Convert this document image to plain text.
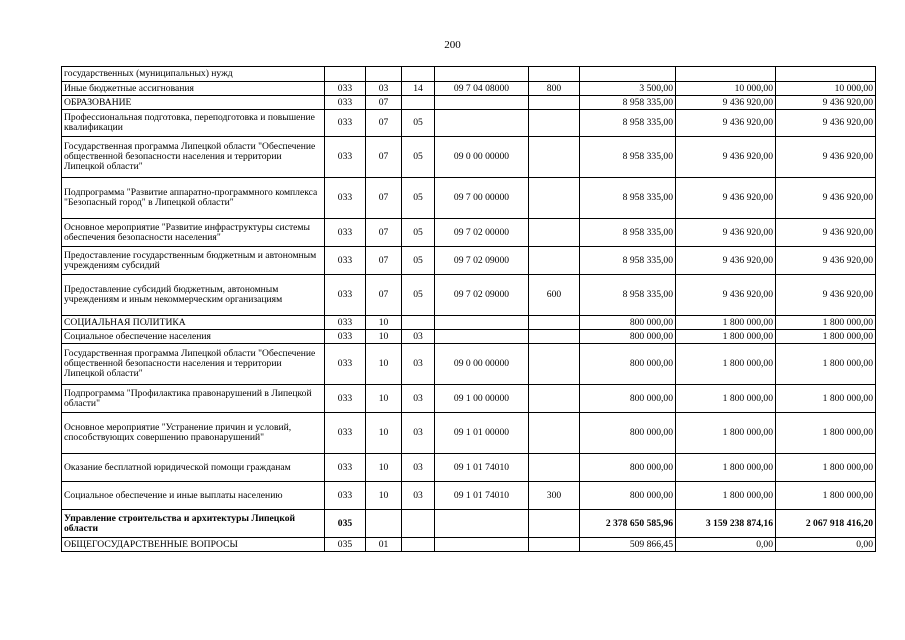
200
государственных (муниципальных) нужд								
Иные бюджетные ассигнования	033	03	14	09 7 04 08000	800	3 500,00	10 000,00	10 000,00
ОБРАЗОВАНИЕ	033	07				8 958 335,00	9 436 920,00	9 436 920,00
Профессиональная подготовка, переподготовка и повышение квалификации	033	07	05			8 958 335,00	9 436 920,00	9 436 920,00
Государственная программа Липецкой области "Обеспечение общественной безопасности населения и территории Липецкой области"	033	07	05	09 0 00 00000		8 958 335,00	9 436 920,00	9 436 920,00
Подпрограмма "Развитие аппаратно-программного комплекса "Безопасный город" в Липецкой области"	033	07	05	09 7 00 00000		8 958 335,00	9 436 920,00	9 436 920,00
Основное мероприятие "Развитие инфраструктуры системы обеспечения безопасности населения"	033	07	05	09 7 02 00000		8 958 335,00	9 436 920,00	9 436 920,00
Предоставление государственным бюджетным и автономным учреждениям субсидий	033	07	05	09 7 02 09000		8 958 335,00	9 436 920,00	9 436 920,00
Предоставление субсидий бюджетным, автономным учреждениям и иным некоммерческим организациям	033	07	05	09 7 02 09000	600	8 958 335,00	9 436 920,00	9 436 920,00
СОЦИАЛЬНАЯ ПОЛИТИКА	033	10				800 000,00	1 800 000,00	1 800 000,00
Социальное обеспечение населения	033	10	03			800 000,00	1 800 000,00	1 800 000,00
Государственная программа Липецкой области "Обеспечение общественной безопасности населения и территории Липецкой области"	033	10	03	09 0 00 00000		800 000,00	1 800 000,00	1 800 000,00
Подпрограмма "Профилактика правонарушений в Липецкой области"	033	10	03	09 1 00 00000		800 000,00	1 800 000,00	1 800 000,00
Основное мероприятие "Устранение причин и условий, способствующих совершению правонарушений"	033	10	03	09 1 01 00000		800 000,00	1 800 000,00	1 800 000,00
Оказание бесплатной юридической помощи гражданам	033	10	03	09 1 01 74010		800 000,00	1 800 000,00	1 800 000,00
Социальное обеспечение и иные выплаты населению	033	10	03	09 1 01 74010	300	800 000,00	1 800 000,00	1 800 000,00
Управление строительства и архитектуры Липецкой области	035					2 378 650 585,96	3 159 238 874,16	2 067 918 416,20
ОБЩЕГОСУДАРСТВЕННЫЕ ВОПРОСЫ	035	01				509 866,45	0,00	0,00
